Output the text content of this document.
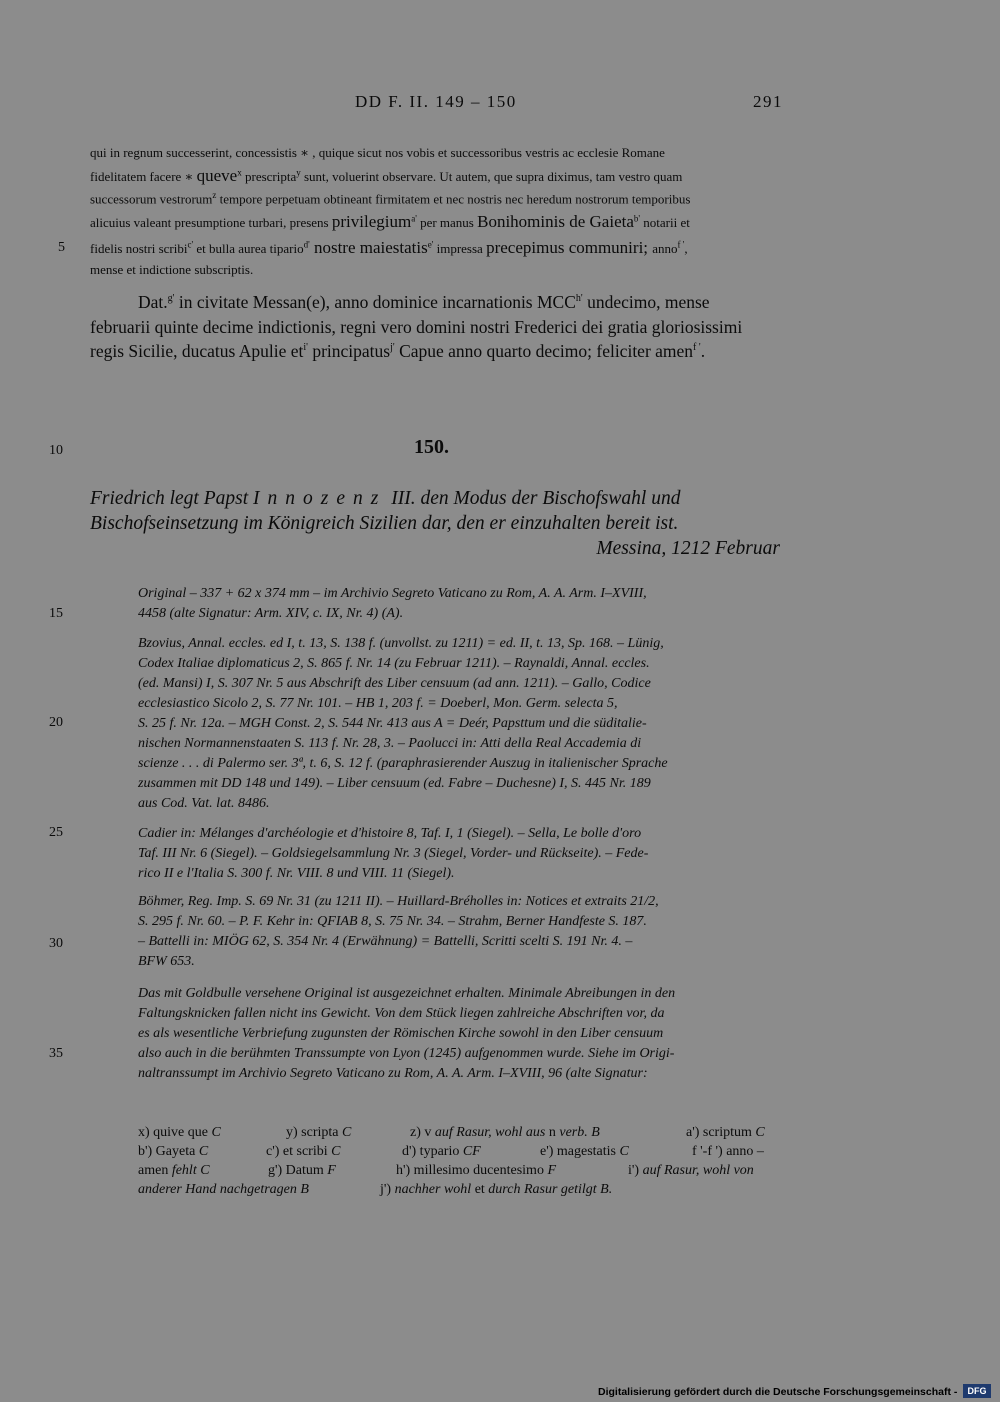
DD F. II. 149 – 150	291
qui in regnum successerint, concessistis ∗ , quique sicut nos vobis et successoribus vestris ac ecclesie Romane
fidelitatem facere ∗ queve$^x$ prescripta$^y$ sunt, voluerint observare. Ut autem, que supra diximus, tam vestro quam
successorum vestrorum$^z$ tempore perpetuam obtineant firmitatem et nec nostris nec heredum nostrorum temporibus
alicuius valeant presumptione turbari, presens privilegium$^{a'}$ per manus Bonihominis de Gaieta$^{b'}$ notarii et
fidelis nostri scribi$^{c'}$ et bulla aurea tipario$^{d'}$ nostre maiestatis$^{e'}$ impressa precepimus communiri; anno$^{f '}$,
mense et indictione subscriptis.
5
10
15
20
25
30
35
Dat.$^{g'}$ in civitate Messan(e), anno dominice incarnationis $MCC^{h'}$ undecimo, mense
februarii quinte decime indictionis, regni vero domini nostri Frederici dei gratia gloriosissimi
regis Sicilie, ducatus Apulie $et^{i'}$ principatus$^{j'}$ Capue anno quarto decimo; feliciter amen$^{f '}$.
150.
Friedrich legt Papst Innozenz III. den Modus der Bischofswahl und
Bischofseinsetzung im Königreich Sizilien dar, den er einzuhalten bereit ist.
Messina, 1212 Februar
Original – 337 + 62 x 374 mm – im Archivio Segreto Vaticano zu Rom, A. A. Arm. I–XVIII,
4458 (alte Signatur: Arm. XIV, c. IX, Nr. 4) (A).
Bzovius, Annal. eccles. ed I, t. 13, S. 138 f. (unvollst. zu 1211) = ed. II, t. 13, Sp. 168. – Lünig,
Codex Italiae diplomaticus 2, S. 865 f. Nr. 14 (zu Februar 1211). – Raynaldi, Annal. eccles.
(ed. Mansi) I, S. 307 Nr. 5 aus Abschrift des Liber censuum (ad ann. 1211). – Gallo, Codice
ecclesiastico Sicolo 2, S. 77 Nr. 101. – HB 1, 203 f. = Doeberl, Mon. Germ. selecta 5,
S. 25 f. Nr. 12a. – MGH Const. 2, S. 544 Nr. 413 aus A = Deér, Papsttum und die süditalie-
nischen Normannenstaaten S. 113 f. Nr. 28, 3. – Paolucci in: Atti della Real Accademia di
scienze . . . di Palermo ser. 3ª, t. 6, S. 12 f. (paraphrasierender Auszug in italienischer Sprache
zusammen mit DD 148 und 149). – Liber censuum (ed. Fabre – Duchesne) I, S. 445 Nr. 189
aus Cod. Vat. lat. 8486.
Cadier in: Mélanges d'archéologie et d'histoire 8, Taf. I, 1 (Siegel). – Sella, Le bolle d'oro
Taf. III Nr. 6 (Siegel). – Goldsiegelsammlung Nr. 3 (Siegel, Vorder- und Rückseite). – Fede-
rico II e l'Italia S. 300 f. Nr. VIII. 8 und VIII. 11 (Siegel).
Böhmer, Reg. Imp. S. 69 Nr. 31 (zu 1211 II). – Huillard-Bréholles in: Notices et extraits 21/2,
S. 295 f. Nr. 60. – P. F. Kehr in: QFIAB 8, S. 75 Nr. 34. – Strahm, Berner Handfeste S. 187.
– Battelli in: MIÖG 62, S. 354 Nr. 4 (Erwähnung) = Battelli, Scritti scelti S. 191 Nr. 4. –
BFW 653.
Das mit Goldbulle versehene Original ist ausgezeichnet erhalten. Minimale Abreibungen in den
Faltungsknicken fallen nicht ins Gewicht. Von dem Stück liegen zahlreiche Abschriften vor, da
es als wesentliche Verbriefung zugunsten der Römischen Kirche sowohl in den Liber censuum
also auch in die berühmten Transsumpte von Lyon (1245) aufgenommen wurde. Siehe im Origi-
naltranssumpt im Archivio Segreto Vaticano zu Rom, A. A. Arm. I–XVIII, 96 (alte Signatur:
x) quive que C	y) scripta C	z) v auf Rasur, wohl aus n verb. B	a') scriptum C
b') Gayeta C	c') et scribi C	d') typario CF	e') magestatis C	f '-f ') anno –
amen fehlt C	g') Datum F	h') millesimo ducentesimo F	i') auf Rasur, wohl von
anderer Hand nachgetragen B	j') nachher wohl et durch Rasur getilgt B.
Digitalisierung gefördert durch die Deutsche Forschungsgemeinschaft -	DFG
